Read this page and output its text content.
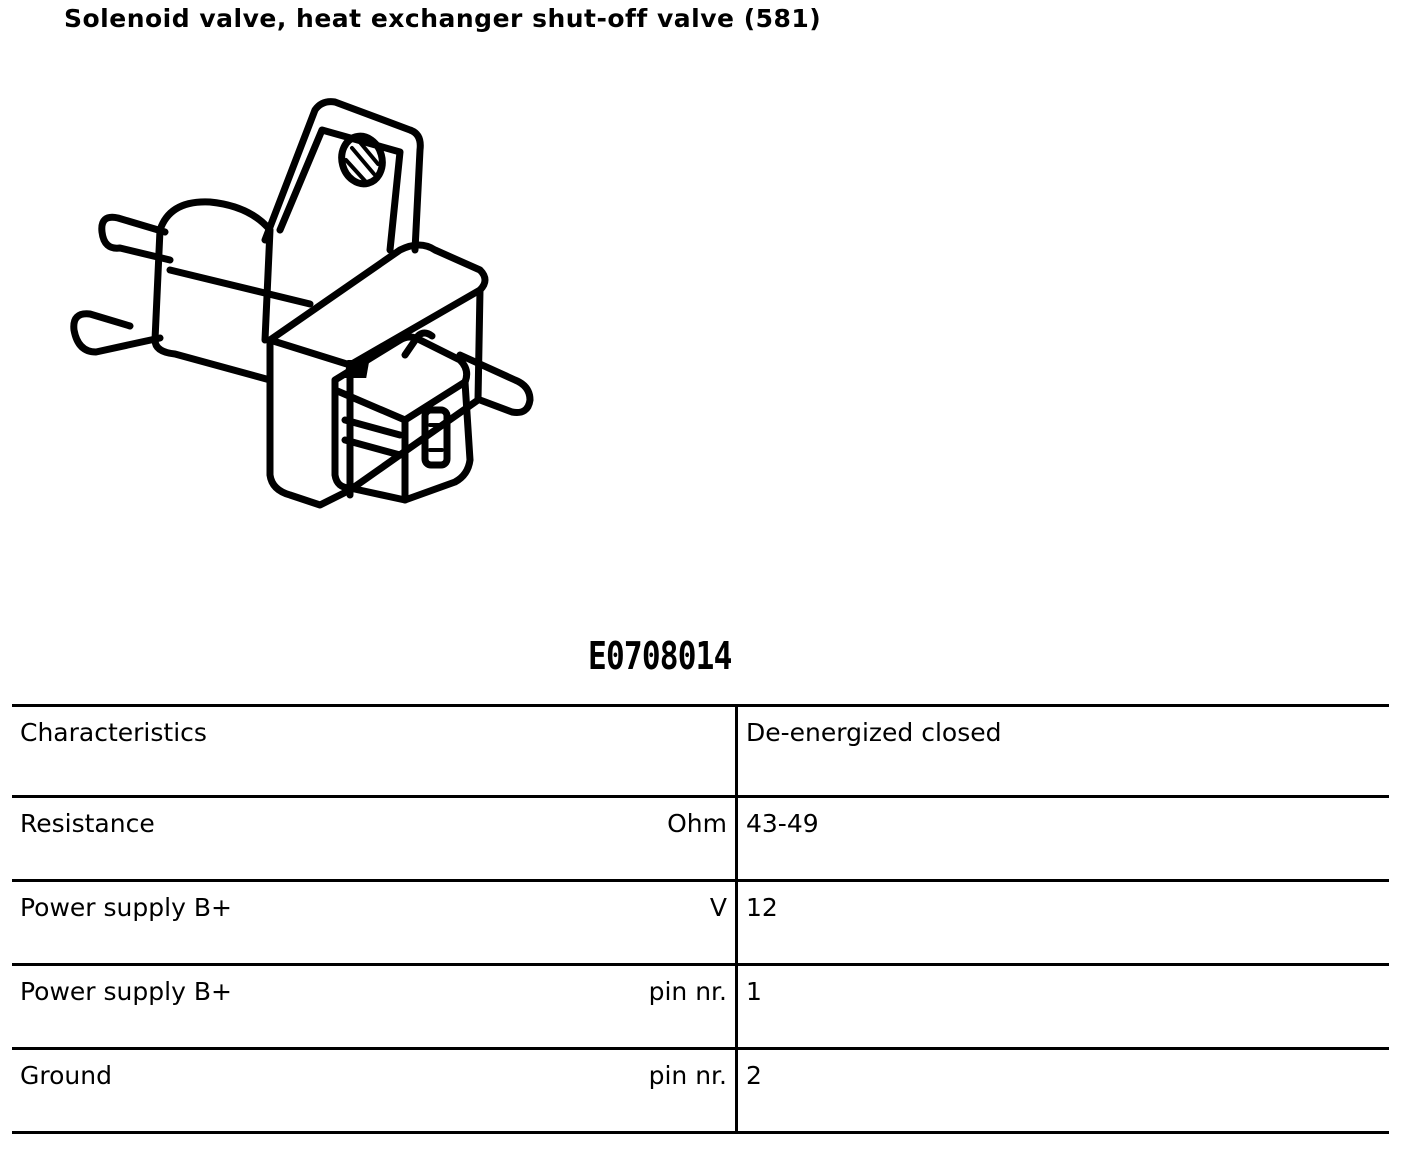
Solenoid valve, heat exchanger shut-off valve (581)
E0708014
Characteristics	De-energized closed

Resistance Ohm	43-49

Power supply B+ V	12

Power supply B+ pin nr.	1

Ground pin nr.	2
